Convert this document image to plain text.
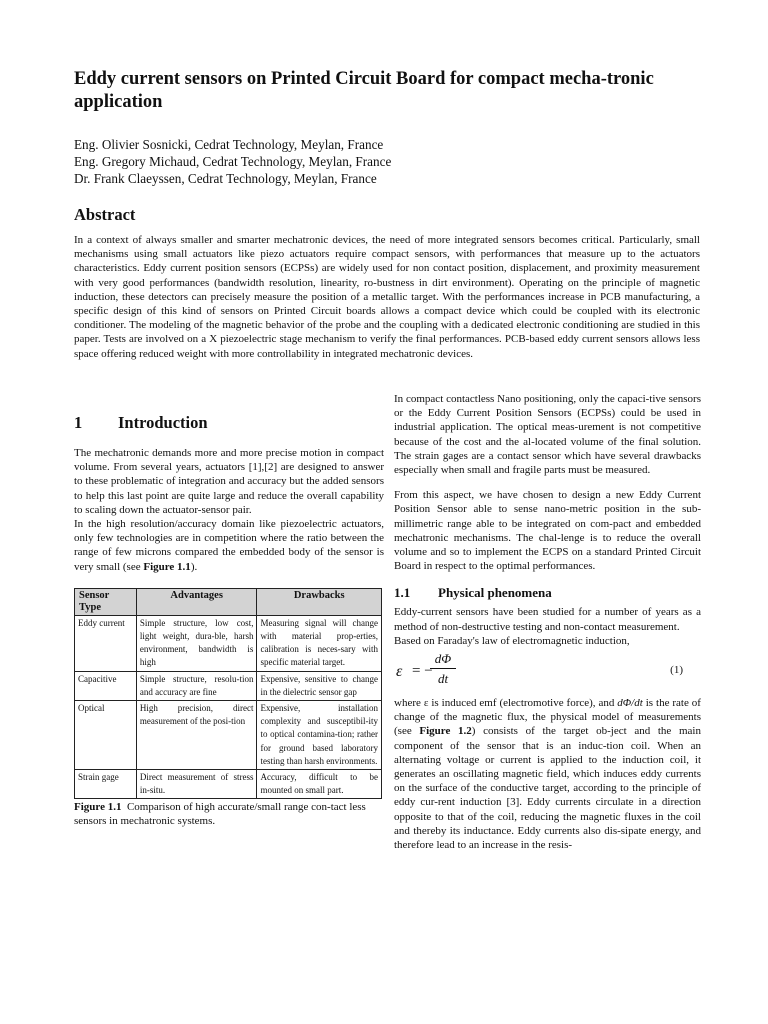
Eddy current sensors on Printed Circuit Board for compact mecha-tronic application
Eng. Olivier Sosnicki, Cedrat Technology, Meylan, France
Eng. Gregory Michaud, Cedrat Technology, Meylan, France
Dr. Frank Claeyssen, Cedrat Technology, Meylan, France
Abstract

In a context of always smaller and smarter mechatronic devices, the need of more integrated sensors becomes critical. Particularly, small mechanisms using small actuators like piezo actuators require compact sensors, with performances that measure up to the actuators characteristics. Eddy current position sensors (ECPSs) are widely used for non contact position, displacement, and proximity measurement with very good performances (bandwidth resolution, linearity, ro-bustness in dirt environment). Operating on the principle of magnetic induction, these detectors can precisely measure the position of a metallic target. With the performances increase in PCB manufacturing, a specific design of this kind of sensors on Printed Circuit boards allows a compact device which could be coupled with its electronic conditioner. The modeling of the magnetic behavior of the probe and the coupling with a dedicated electronic conditioning are studied in this paper. Tests are involved on a X piezoelectric stage mechanism to verify the final performances. PCB-based eddy current sensors allows less space offering reduced weight with more controllability in integrated mechatronic devices.

1 Introduction

The mechatronic demands more and more precise motion in compact volume. From several years, actuators [1],[2] are designed to answer to these problematic of integration and accuracy but the added sensors to help this last point are quite large and reduce the overall capability to scaling down the actuator-sensor pair.

In the high resolution/accuracy domain like piezoelectric actuators, only few technologies are in competition where the ratio between the range of few microns compared the embedded body of the sensor is very small (see Figure 1.1).

Sensor Type	Advantages	Drawbacks
Eddy current	Simple structure, low cost, light weight, dura-ble, harsh environment, bandwidth is high	Measuring signal will change with material prop-erties, calibration is neces-sary with specific material target.
Capacitive	Simple structure, resolu-tion and accuracy are fine	Expensive, sensitive to change in the dielectric sensor gap
Optical	High precision, direct measurement of the posi-tion	Expensive, installation complexity and susceptibil-ity to optical contamina-tion; rather for ground based laboratory testing than harsh environments.
Strain gage	Direct measurement of stress in-situ.	Accuracy, difficult to be mounted on small part.
Figure 1.1 Comparison of high accurate/small range con-tact less sensors in mechatronic systems.

In compact contactless Nano positioning, only the capaci-tive sensors or the Eddy Current Position Sensors (ECPSs) could be used in industrial application. The optical meas-urement is not competitive because of the cost and the al-located volume of the final solution. The strain gages are a contact sensor which have several drawbacks especially when small and fragile parts must be measured.

From this aspect, we have chosen to design a new Eddy Current Position Sensor able to sense nano-metric position in the sub-millimetric range able to be integrated on com-pact and embedded mechatronic mechanisms. The chal-lenge is to reduce the overall volume and so to implement the ECPS on a standard Printed Circuit Board in respect to the optimal performances.

1.1 Physical phenomena

Eddy-current sensors have been studied for a number of years as a method of non-destructive testing and non-contact measurement.

Based on Faraday's law of electromagnetic induction,

ε = −
$\frac{d\Phi}{dt}$	(1)

where ε is induced emf (electromotive force), and dΦ/dt is the rate of change of the magnetic flux, the physical model of measurements (see Figure 1.2) consists of the target ob-ject and the main component of the sensor that is an induc-tion coil. When an alternating voltage or current is applied to the induction coil, it generates an oscillating magnetic field, which induces eddy currents on the surface of the conductive target, according to the principle of eddy cur-rent induction [3]. Eddy currents circulate in a direction opposite to that of the coil, reducing the magnetic fluxes in the coil and thereby its inductance. Eddy currents also dis-sipate energy, and therefore lead to an increase in the resis-
